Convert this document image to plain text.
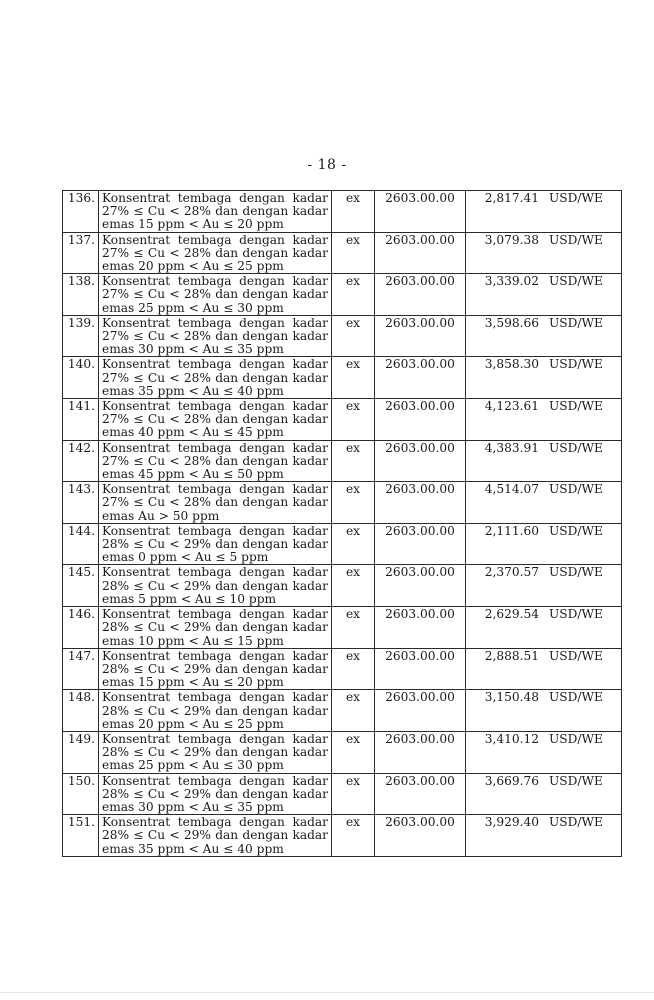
- 18 -
136.	Konsentrat tembaga dengan kadar 27% ≤ Cu < 28% dan dengan kadar emas 15 ppm < Au ≤ 20 ppm	ex	2603.00.00	2,817.41 USD/WE
137.	Konsentrat tembaga dengan kadar 27% ≤ Cu < 28% dan dengan kadar emas 20 ppm < Au ≤ 25 ppm	ex	2603.00.00	3,079.38 USD/WE
138.	Konsentrat tembaga dengan kadar 27% ≤ Cu < 28% dan dengan kadar emas 25 ppm < Au ≤ 30 ppm	ex	2603.00.00	3,339.02 USD/WE
139.	Konsentrat tembaga dengan kadar 27% ≤ Cu < 28% dan dengan kadar emas 30 ppm < Au ≤ 35 ppm	ex	2603.00.00	3,598.66 USD/WE
140.	Konsentrat tembaga dengan kadar 27% ≤ Cu < 28% dan dengan kadar emas 35 ppm < Au ≤ 40 ppm	ex	2603.00.00	3,858.30 USD/WE
141.	Konsentrat tembaga dengan kadar 27% ≤ Cu < 28% dan dengan kadar emas 40 ppm < Au ≤ 45 ppm	ex	2603.00.00	4,123.61 USD/WE
142.	Konsentrat tembaga dengan kadar 27% ≤ Cu < 28% dan dengan kadar emas 45 ppm < Au ≤ 50 ppm	ex	2603.00.00	4,383.91 USD/WE
143.	Konsentrat tembaga dengan kadar 27% ≤ Cu < 28% dan dengan kadar emas Au > 50 ppm	ex	2603.00.00	4,514.07 USD/WE
144.	Konsentrat tembaga dengan kadar 28% ≤ Cu < 29% dan dengan kadar emas 0 ppm < Au ≤ 5 ppm	ex	2603.00.00	2,111.60 USD/WE
145.	Konsentrat tembaga dengan kadar 28% ≤ Cu < 29% dan dengan kadar emas 5 ppm < Au ≤ 10 ppm	ex	2603.00.00	2,370.57 USD/WE
146.	Konsentrat tembaga dengan kadar 28% ≤ Cu < 29% dan dengan kadar emas 10 ppm < Au ≤ 15 ppm	ex	2603.00.00	2,629.54 USD/WE
147.	Konsentrat tembaga dengan kadar 28% ≤ Cu < 29% dan dengan kadar emas 15 ppm < Au ≤ 20 ppm	ex	2603.00.00	2,888.51 USD/WE
148.	Konsentrat tembaga dengan kadar 28% ≤ Cu < 29% dan dengan kadar emas 20 ppm < Au ≤ 25 ppm	ex	2603.00.00	3,150.48 USD/WE
149.	Konsentrat tembaga dengan kadar 28% ≤ Cu < 29% dan dengan kadar emas 25 ppm < Au ≤ 30 ppm	ex	2603.00.00	3,410.12 USD/WE
150.	Konsentrat tembaga dengan kadar 28% ≤ Cu < 29% dan dengan kadar emas 30 ppm < Au ≤ 35 ppm	ex	2603.00.00	3,669.76 USD/WE
151.	Konsentrat tembaga dengan kadar 28% ≤ Cu < 29% dan dengan kadar emas 35 ppm < Au ≤ 40 ppm	ex	2603.00.00	3,929.40 USD/WE
